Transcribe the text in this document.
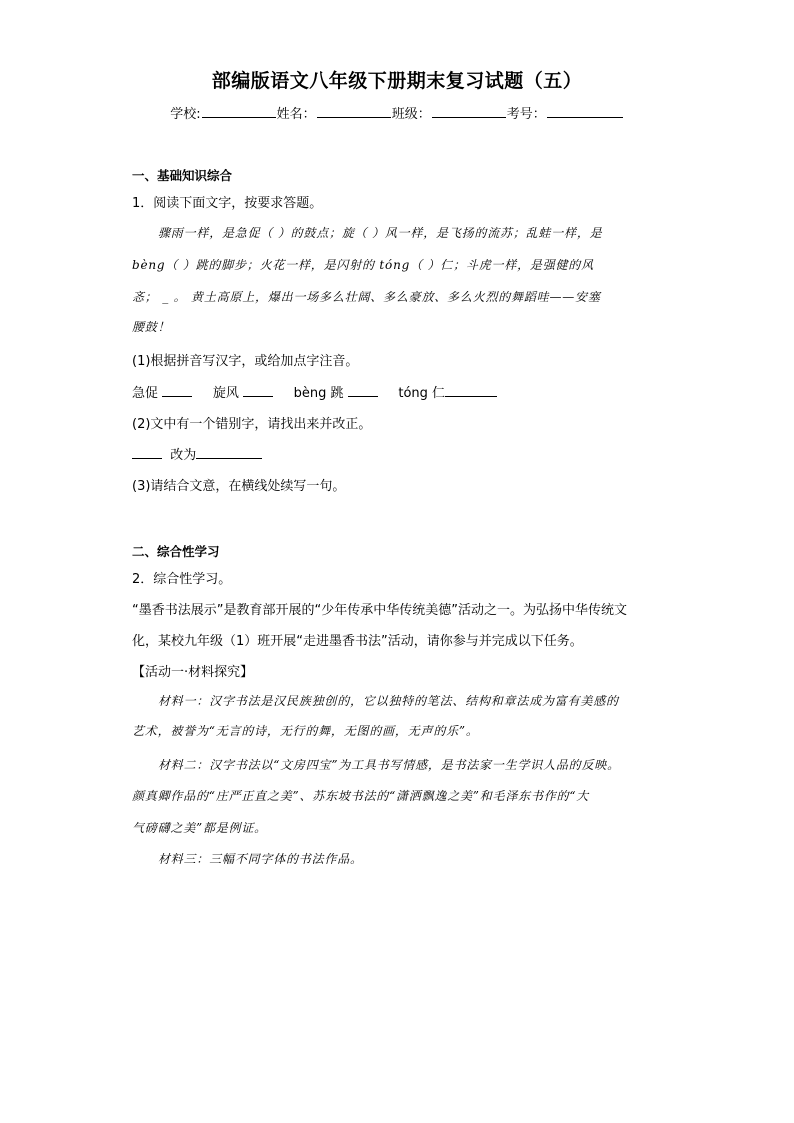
部编版语文八年级下册期末复习试题（五）
学校:	姓名：	班级：	考号：
一、基础知识综合
1．阅读下面文字，按要求答题。
骤雨一样，是急促（ ）的鼓点；旋（ ）风一样，是飞扬的流苏；乱蛙一样，是
bèng（ ）跳的脚步；火花一样，是闪射的 tóng（ ）仁；斗虎一样，是强健的风
忞； _ 。 黄土高原上，爆出一场多么壮阔、多么豪放、多么火烈的舞蹈哇——安塞
腰鼓！
(1)根据拼音写汉字，或给加点字注音。
急促	旋风	bèng 跳	tóng 仁
(2)文中有一个错别字，请找出来并改正。
改为
(3)请结合文意，在横线处续写一句。
二、综合性学习
2．综合性学习。
“墨香书法展示”是教育部开展的“少年传承中华传统美德”活动之一。为弘扬中华传统文
化，某校九年级（1）班开展“走进墨香书法”活动，请你参与并完成以下任务。
【活动一·材料探究】
材料一：汉字书法是汉民族独创的，它以独特的笔法、结构和章法成为富有美感的
艺术，被誉为“无言的诗，无行的舞，无图的画，无声的乐”。
材料二：汉字书法以“文房四宝”为工具书写情感，是书法家一生学识人品的反映。
颜真卿作品的“庄严正直之美”、苏东坡书法的“潇洒飘逸之美”和毛泽东书作的“大
气磅礴之美”都是例证。
材料三：三幅不同字体的书法作品。
